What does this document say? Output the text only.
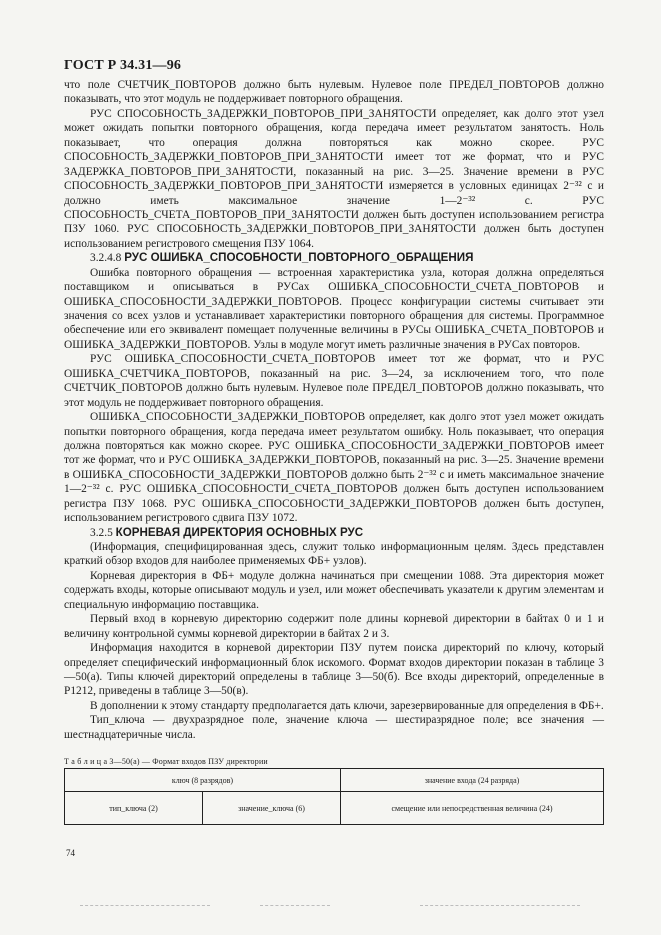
ГОСТ Р 34.31—96

что поле СЧЕТЧИК_ПОВТОРОВ должно быть нулевым. Нулевое поле ПРЕДЕЛ_ПОВТОРОВ должно показывать, что этот модуль не поддерживает повторного обращения.

РУС СПОСОБНОСТЬ_ЗАДЕРЖКИ_ПОВТОРОВ_ПРИ_ЗАНЯТОСТИ определяет, как долго этот узел может ожидать попытки повторного обращения, когда передача имеет результатом занятость. Ноль показывает, что операция должна повторяться как можно скорее. РУС СПОСОБНОСТЬ_ЗАДЕРЖКИ_ПОВТОРОВ_ПРИ_ЗАНЯТОСТИ имеет тот же формат, что и РУС ЗАДЕРЖКА_ПОВТОРОВ_ПРИ_ЗАНЯТОСТИ, показанный на рис. 3—25. Значение времени в РУС СПОСОБНОСТЬ_ЗАДЕРЖКИ_ПОВТОРОВ_ПРИ_ЗАНЯТОСТИ измеряется в условных единицах 2⁻³² с и должно иметь максимальное значение 1—2⁻³² с. РУС СПОСОБНОСТЬ_СЧЕТА_ПОВТОРОВ_ПРИ_ЗАНЯТОСТИ должен быть доступен использованием регистра ПЗУ 1060. РУС СПОСОБНОСТЬ_ЗАДЕРЖКИ_ПОВТОРОВ_ПРИ_ЗАНЯТОСТИ должен быть доступен использованием регистрового смещения ПЗУ 1064.

3.2.4.8 РУС ОШИБКА_СПОСОБНОСТИ_ПОВТОРНОГО_ОБРАЩЕНИЯ

Ошибка повторного обращения — встроенная характеристика узла, которая должна определяться поставщиком и описываться в РУСах ОШИБКА_СПОСОБНОСТИ_СЧЕТА_ПОВТОРОВ и ОШИБКА_СПОСОБНОСТИ_ЗАДЕРЖКИ_ПОВТОРОВ. Процесс конфигурации системы считывает эти значения со всех узлов и устанавливает характеристики повторного обращения для системы. Программное обеспечение или его эквивалент помещает полученные величины в РУСы ОШИБКА_СЧЕТА_ПОВТОРОВ и ОШИБКА_ЗАДЕРЖКИ_ПОВТОРОВ. Узлы в модуле могут иметь различные значения в РУСах повторов.

РУС ОШИБКА_СПОСОБНОСТИ_СЧЕТА_ПОВТОРОВ имеет тот же формат, что и РУС ОШИБКА_СЧЕТЧИКА_ПОВТОРОВ, показанный на рис. 3—24, за исключением того, что поле СЧЕТЧИК_ПОВТОРОВ должно быть нулевым. Нулевое поле ПРЕДЕЛ_ПОВТОРОВ должно показывать, что этот модуль не поддерживает повторного обращения.

ОШИБКА_СПОСОБНОСТИ_ЗАДЕРЖКИ_ПОВТОРОВ определяет, как долго этот узел может ожидать попытки повторного обращения, когда передача имеет результатом ошибку. Ноль показывает, что операция должна повторяться как можно скорее. РУС ОШИБКА_СПОСОБНОСТИ_ЗАДЕРЖКИ_ПОВТОРОВ имеет тот же формат, что и РУС ОШИБКА_ЗАДЕРЖКИ_ПОВТОРОВ, показанный на рис. 3—25. Значение времени в ОШИБКА_СПОСОБНОСТИ_ЗАДЕРЖКИ_ПОВТОРОВ должно быть 2⁻³² с и иметь максимальное значение 1—2⁻³² с. РУС ОШИБКА_СПОСОБНОСТИ_СЧЕТА_ПОВТОРОВ должен быть доступен использованием регистра ПЗУ 1068. РУС ОШИБКА_СПОСОБНОСТИ_ЗАДЕРЖКИ_ПОВТОРОВ должен быть доступен, использованием регистрового сдвига ПЗУ 1072.

3.2.5 КОРНЕВАЯ ДИРЕКТОРИЯ ОСНОВНЫХ РУС

(Информация, специфицированная здесь, служит только информационным целям. Здесь представлен краткий обзор входов для наиболее применяемых ФБ+ узлов).

Корневая директория в ФБ+ модуле должна начинаться при смещении 1088. Эта директория может содержать входы, которые описывают модуль и узел, или может обеспечивать указатели к другим элементам и специальную информацию поставщика.

Первый вход в корневую директорию содержит поле длины корневой директории в байтах 0 и 1 и величину контрольной суммы корневой директории в байтах 2 и 3.

Информация находится в корневой директории ПЗУ путем поиска директорий по ключу, который определяет специфический информационный блок искомого. Формат входов директории показан в таблице 3—50(а). Типы ключей директорий определены в таблице 3—50(б). Все входы директорий, определенные в Р1212, приведены в таблице 3—50(в).

В дополнении к этому стандарту предполагается дать ключи, зарезервированные для определения в ФБ+.

Тип_ключа — двухразрядное поле, значение ключа — шестиразрядное поле; все значения — шестнадцатеричные числа.

Т а б л и ц а 3—50(а) — Формат входов ПЗУ директории
ключ (8 разрядов)		значение входа (24 разряда)
тип_ключа (2)	значение_ключа (6)	смещение или непосредственная величина (24)
74
